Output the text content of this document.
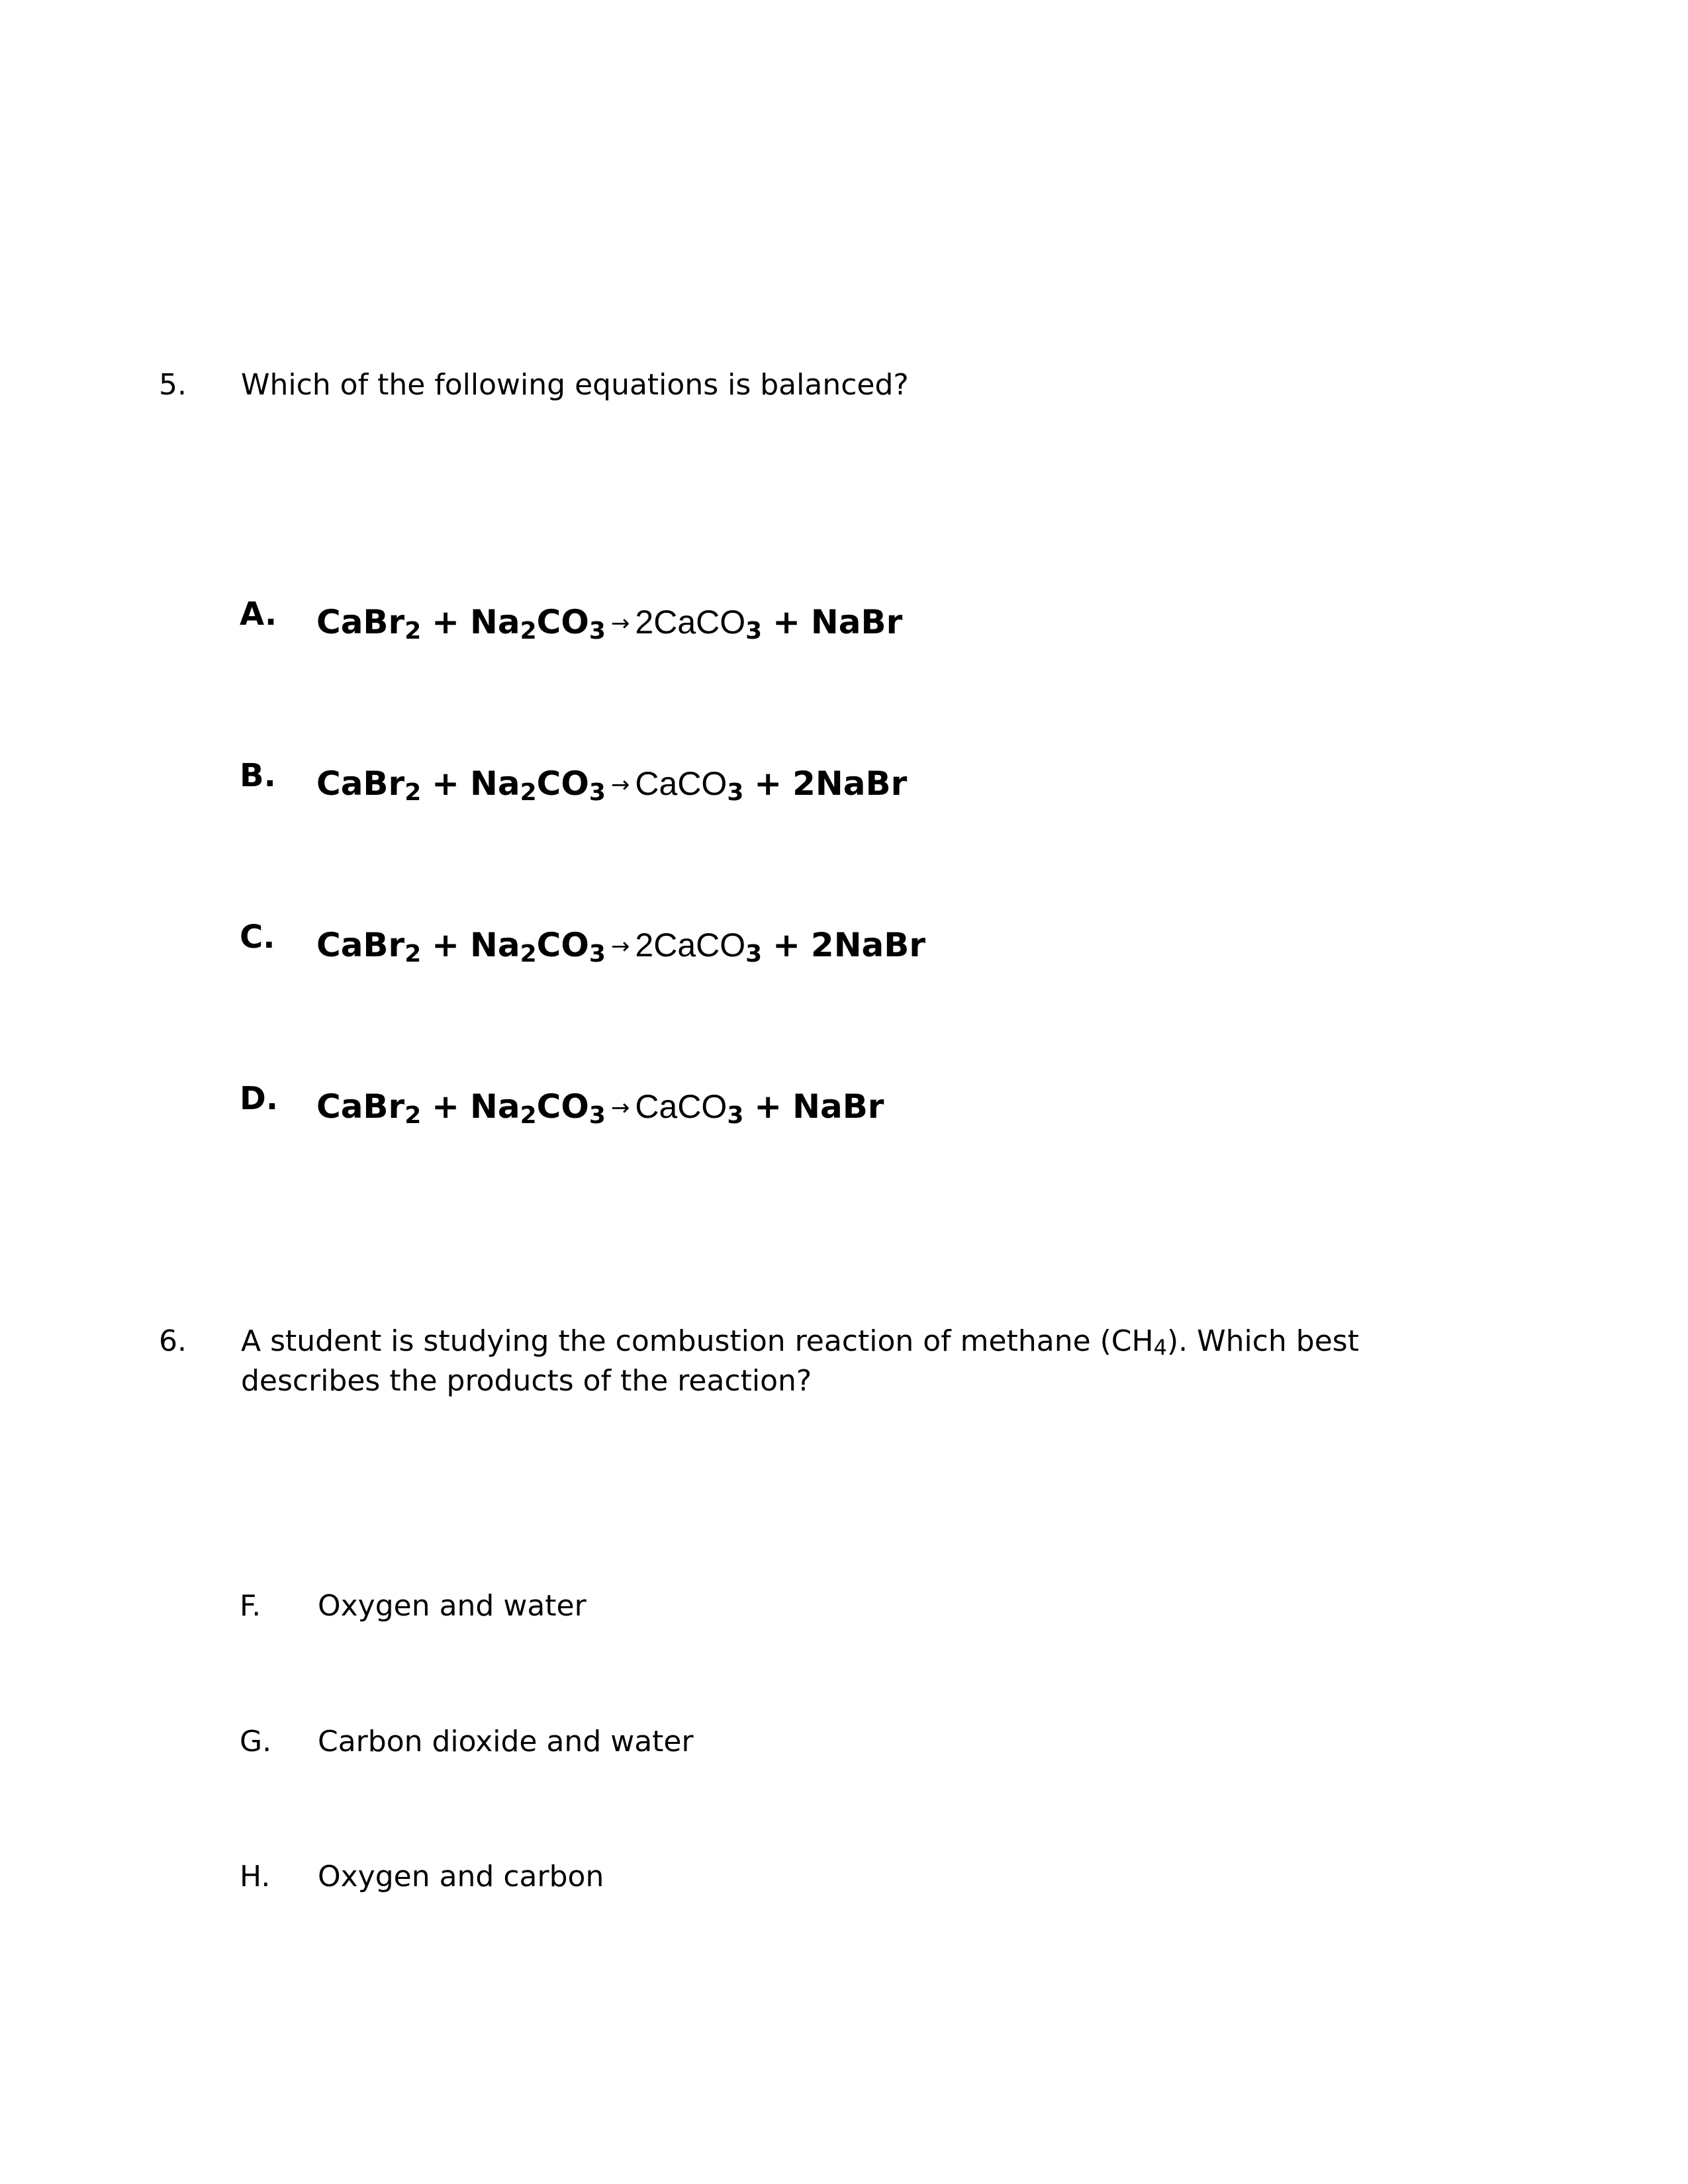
5. Which of the following equations is balanced?
A. CaBr$_2$ + $Na_2CO_3$ → 2CaCO$_3$ + NaBr
B. CaBr$_2$ + $Na_2CO_3$ → CaCO$_3$ + 2NaBr
C. CaBr$_2$ + $Na_2CO_3$ → 2CaCO$_3$ + 2NaBr
D. CaBr$_2$ + $Na_2CO_3$ → CaCO$_3$ + NaBr
6. A student is studying the combustion reaction of methane (CH4). Which best
describes the products of the reaction?
F. Oxygen and water
G. Carbon dioxide and water
H. Oxygen and carbon
